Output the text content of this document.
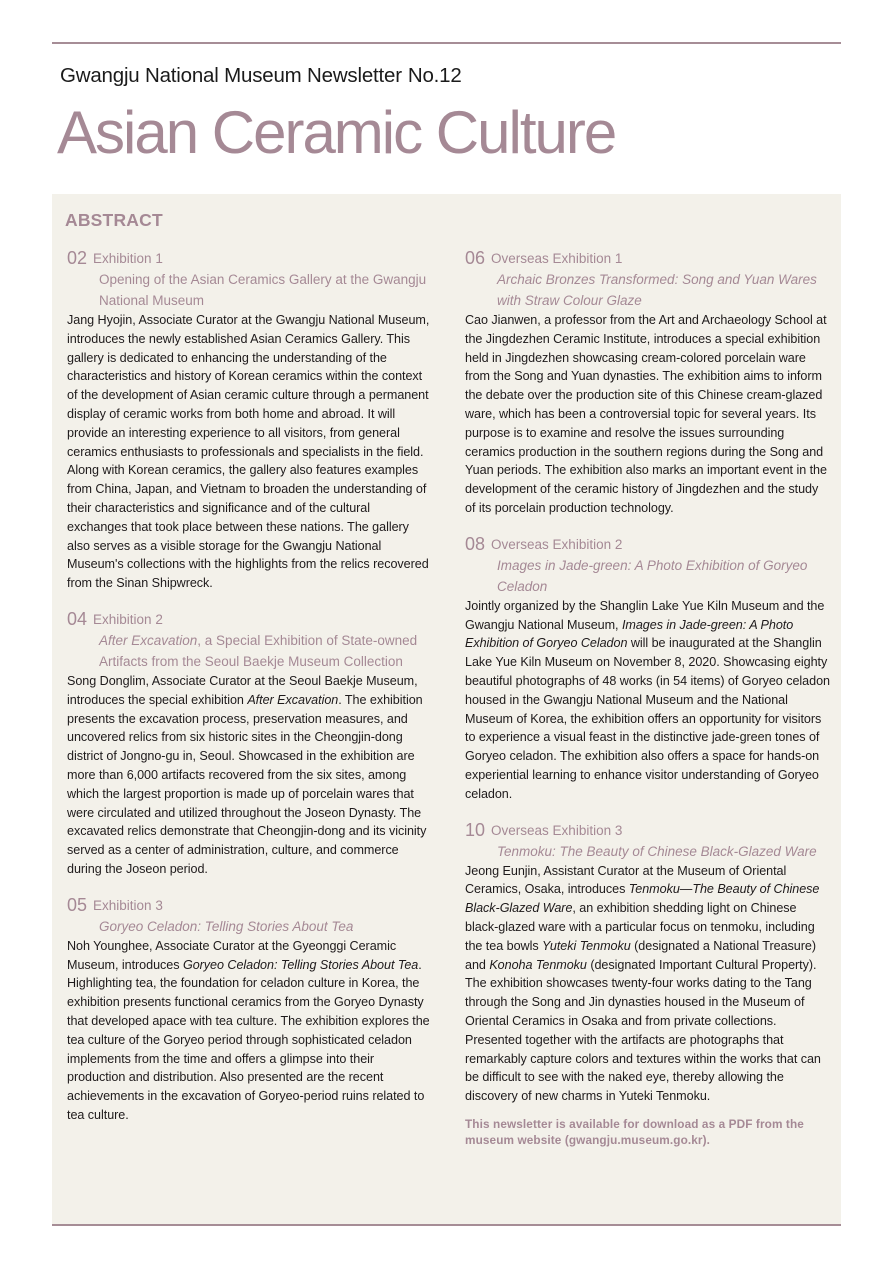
Gwangju National Museum Newsletter No.12
Asian Ceramic Culture
ABSTRACT
02 Exhibition 1
Opening of the Asian Ceramics Gallery at the Gwangju National Museum
Jang Hyojin, Associate Curator at the Gwangju National Museum, introduces the newly established Asian Ceramics Gallery. This gallery is dedicated to enhancing the understanding of the characteristics and history of Korean ceramics within the context of the development of Asian ceramic culture through a permanent display of ceramic works from both home and abroad. It will provide an interesting experience to all visitors, from general ceramics enthusiasts to professionals and specialists in the field. Along with Korean ceramics, the gallery also features examples from China, Japan, and Vietnam to broaden the understanding of their characteristics and significance and of the cultural exchanges that took place between these nations. The gallery also serves as a visible storage for the Gwangju National Museum's collections with the highlights from the relics recovered from the Sinan Shipwreck.
04 Exhibition 2
After Excavation, a Special Exhibition of State-owned Artifacts from the Seoul Baekje Museum Collection
Song Donglim, Associate Curator at the Seoul Baekje Museum, introduces the special exhibition After Excavation. The exhibition presents the excavation process, preservation measures, and uncovered relics from six historic sites in the Cheongjin-dong district of Jongno-gu in, Seoul. Showcased in the exhibition are more than 6,000 artifacts recovered from the six sites, among which the largest proportion is made up of porcelain wares that were circulated and utilized throughout the Joseon Dynasty. The excavated relics demonstrate that Cheongjin-dong and its vicinity served as a center of administration, culture, and commerce during the Joseon period.
05 Exhibition 3
Goryeo Celadon: Telling Stories About Tea
Noh Younghee, Associate Curator at the Gyeonggi Ceramic Museum, introduces Goryeo Celadon: Telling Stories About Tea. Highlighting tea, the foundation for celadon culture in Korea, the exhibition presents functional ceramics from the Goryeo Dynasty that developed apace with tea culture. The exhibition explores the tea culture of the Goryeo period through sophisticated celadon implements from the time and offers a glimpse into their production and distribution. Also presented are the recent achievements in the excavation of Goryeo-period ruins related to tea culture.
06 Overseas Exhibition 1
Archaic Bronzes Transformed: Song and Yuan Wares with Straw Colour Glaze
Cao Jianwen, a professor from the Art and Archaeology School at the Jingdezhen Ceramic Institute, introduces a special exhibition held in Jingdezhen showcasing cream-colored porcelain ware from the Song and Yuan dynasties. The exhibition aims to inform the debate over the production site of this Chinese cream-glazed ware, which has been a controversial topic for several years. Its purpose is to examine and resolve the issues surrounding ceramics production in the southern regions during the Song and Yuan periods. The exhibition also marks an important event in the development of the ceramic history of Jingdezhen and the study of its porcelain production technology.
08 Overseas Exhibition 2
Images in Jade-green: A Photo Exhibition of Goryeo Celadon
Jointly organized by the Shanglin Lake Yue Kiln Museum and the Gwangju National Museum, Images in Jade-green: A Photo Exhibition of Goryeo Celadon will be inaugurated at the Shanglin Lake Yue Kiln Museum on November 8, 2020. Showcasing eighty beautiful photographs of 48 works (in 54 items) of Goryeo celadon housed in the Gwangju National Museum and the National Museum of Korea, the exhibition offers an opportunity for visitors to experience a visual feast in the distinctive jade-green tones of Goryeo celadon. The exhibition also offers a space for hands-on experiential learning to enhance visitor understanding of Goryeo celadon.
10 Overseas Exhibition 3
Tenmoku: The Beauty of Chinese Black-Glazed Ware
Jeong Eunjin, Assistant Curator at the Museum of Oriental Ceramics, Osaka, introduces Tenmoku—The Beauty of Chinese Black-Glazed Ware, an exhibition shedding light on Chinese black-glazed ware with a particular focus on tenmoku, including the tea bowls Yuteki Tenmoku (designated a National Treasure) and Konoha Tenmoku (designated Important Cultural Property). The exhibition showcases twenty-four works dating to the Tang through the Song and Jin dynasties housed in the Museum of Oriental Ceramics in Osaka and from private collections. Presented together with the artifacts are photographs that remarkably capture colors and textures within the works that can be difficult to see with the naked eye, thereby allowing the discovery of new charms in Yuteki Tenmoku.
This newsletter is available for download as a PDF from the museum website (gwangju.museum.go.kr).
